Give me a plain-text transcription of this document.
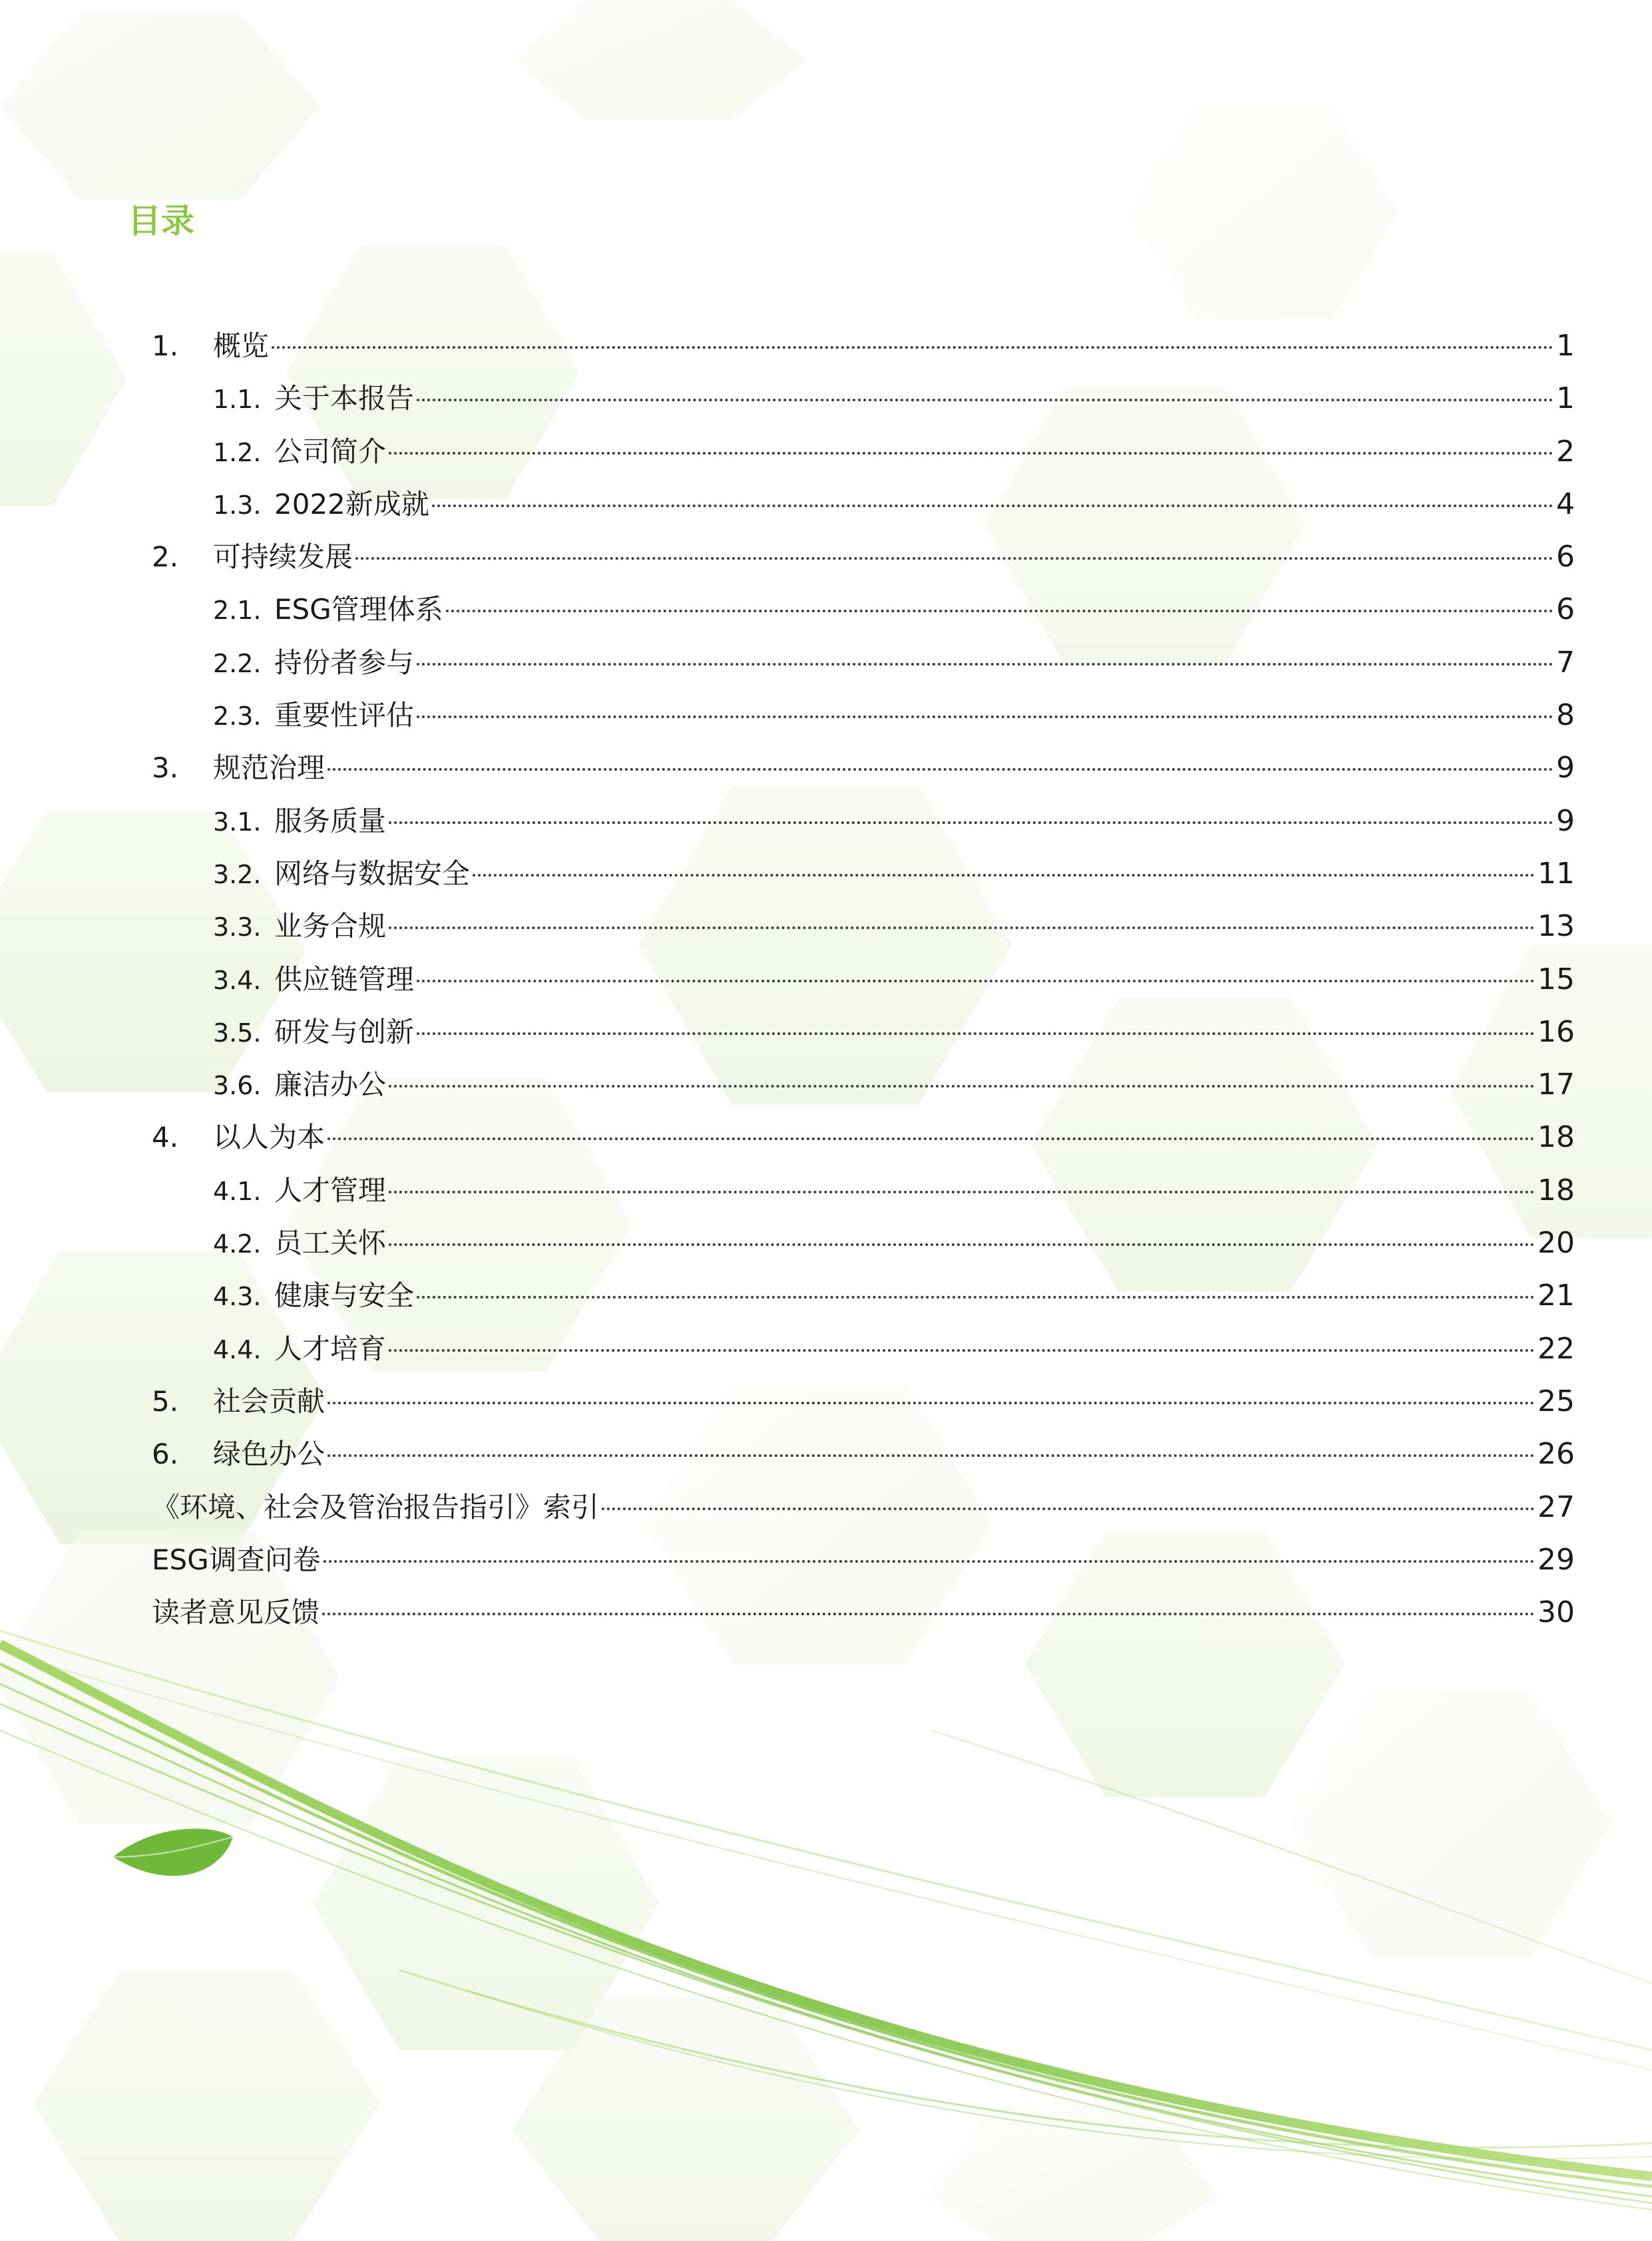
目录
1.	概览	1
1.1. 关于本报告	1
1.2. 公司简介	2
1.3. 2022新成就	4
2.	可持续发展	6
2.1. ESG管理体系	6
2.2. 持份者参与	7
2.3. 重要性评估	8
3.	规范治理	9
3.1. 服务质量	9
3.2. 网络与数据安全	11
3.3. 业务合规	13
3.4. 供应链管理	15
3.5. 研发与创新	16
3.6. 廉洁办公	17
4.	以人为本	18
4.1. 人才管理	18
4.2. 员工关怀	20
4.3. 健康与安全	21
4.4. 人才培育	22
5.	社会贡献	25
6.	绿色办公	26
《环境、社会及管治报告指引》索引	27
ESG调查问卷	29
读者意见反馈	30
